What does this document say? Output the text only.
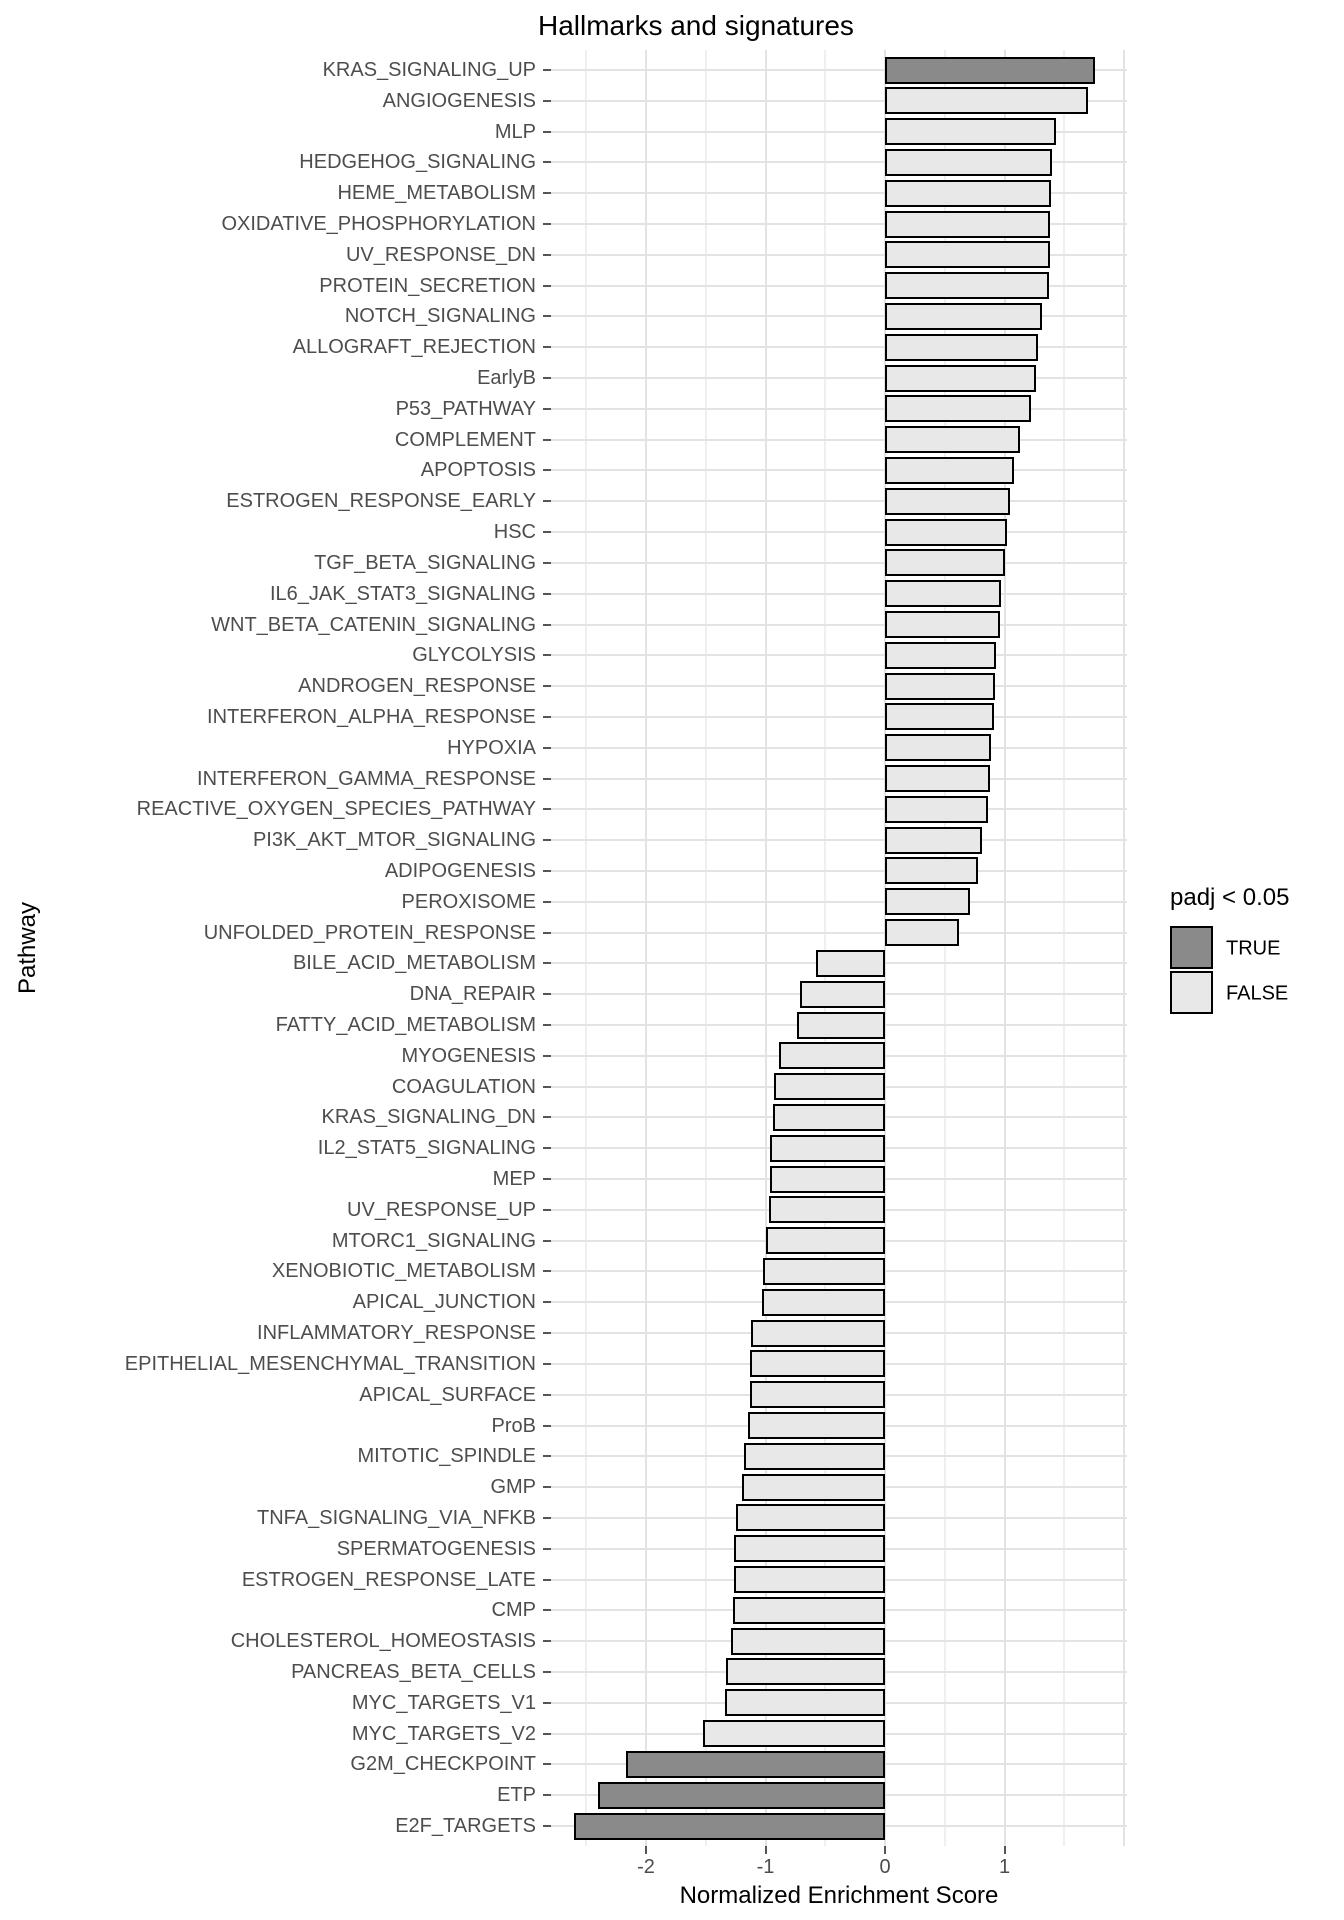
Hallmarks and signatures
Pathway
KRAS_SIGNALING_UP
ANGIOGENESIS
MLP
HEDGEHOG_SIGNALING
HEME_METABOLISM
OXIDATIVE_PHOSPHORYLATION
UV_RESPONSE_DN
PROTEIN_SECRETION
NOTCH_SIGNALING
ALLOGRAFT_REJECTION
EarlyB
P53_PATHWAY
COMPLEMENT
APOPTOSIS
ESTROGEN_RESPONSE_EARLY
HSC
TGF_BETA_SIGNALING
IL6_JAK_STAT3_SIGNALING
WNT_BETA_CATENIN_SIGNALING
GLYCOLYSIS
ANDROGEN_RESPONSE
INTERFERON_ALPHA_RESPONSE
HYPOXIA
INTERFERON_GAMMA_RESPONSE
REACTIVE_OXYGEN_SPECIES_PATHWAY
PI3K_AKT_MTOR_SIGNALING
ADIPOGENESIS
PEROXISOME
UNFOLDED_PROTEIN_RESPONSE
BILE_ACID_METABOLISM
DNA_REPAIR
FATTY_ACID_METABOLISM
MYOGENESIS
COAGULATION
KRAS_SIGNALING_DN
IL2_STAT5_SIGNALING
MEP
UV_RESPONSE_UP
MTORC1_SIGNALING
XENOBIOTIC_METABOLISM
APICAL_JUNCTION
INFLAMMATORY_RESPONSE
EPITHELIAL_MESENCHYMAL_TRANSITION
APICAL_SURFACE
ProB
MITOTIC_SPINDLE
GMP
TNFA_SIGNALING_VIA_NFKB
SPERMATOGENESIS
ESTROGEN_RESPONSE_LATE
CMP
CHOLESTEROL_HOMEOSTASIS
PANCREAS_BETA_CELLS
MYC_TARGETS_V1
MYC_TARGETS_V2
G2M_CHECKPOINT
ETP
E2F_TARGETS
-2	-1	0	1
Normalized Enrichment Score
padj < 0.05
TRUE
FALSE
